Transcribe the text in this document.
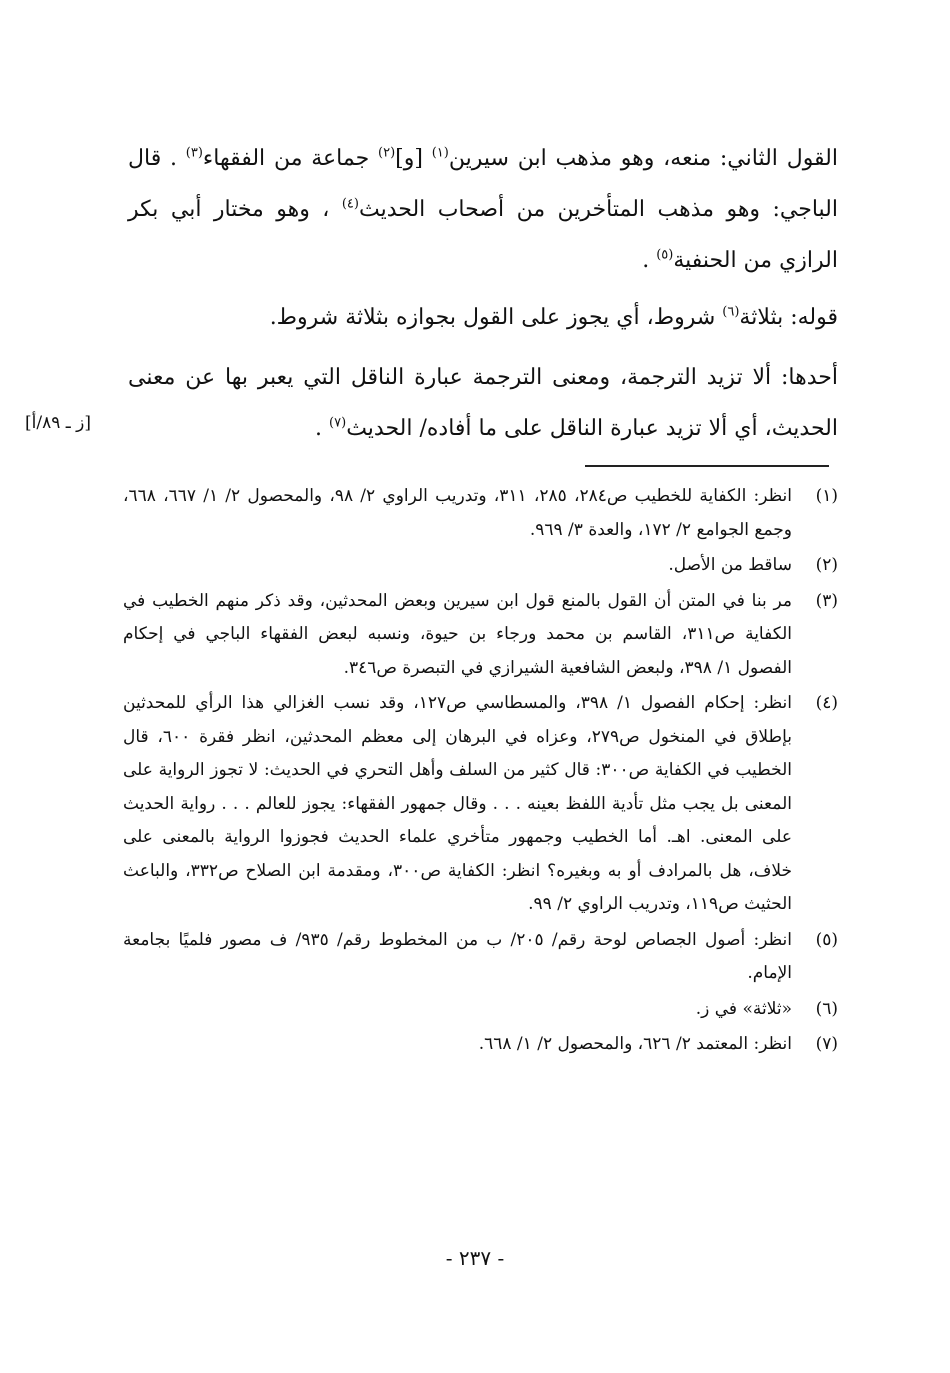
القول الثاني: منعه، وهو مذهب ابن سيرين$^{(١)}$ [و]$^{(٢)}$ جماعة من الفقهاء$^{(٣)}$ . قال الباجي: وهو مذهب المتأخرين من أصحاب الحديث$^{(٤)}$ ، وهو مختار أبي بكر الرازي من الحنفية$^{(٥)}$ .

قوله: بثلاثة$^{(٦)}$ شروط، أي يجوز على القول بجوازه بثلاثة شروط.

أحدها: ألا تزيد الترجمة، ومعنى الترجمة عبارة الناقل التي يعبر بها عن معنى الحديث، أي ألا تزيد عبارة الناقل على ما أفاده/ الحديث$^{(٧)}$ .

[ز ـ ٨٩/أ]
(١)
انظر: الكفاية للخطيب ص٢٨٤، ٢٨٥، ٣١١، وتدريب الراوي ٢/ ٩٨، والمحصول ٢/ ١/ ٦٦٧، ٦٦٨، وجمع الجوامع ٢/ ١٧٢، والعدة ٣/ ٩٦٩.
(٢)
ساقط من الأصل.
(٣)
مر بنا في المتن أن القول بالمنع قول ابن سيرين وبعض المحدثين، وقد ذكر منهم الخطيب في الكفاية ص٣١١، القاسم بن محمد ورجاء بن حيوة، ونسبه لبعض الفقهاء الباجي في إحكام الفصول ١/ ٣٩٨، ولبعض الشافعية الشيرازي في التبصرة ص٣٤٦.
(٤)
انظر: إحكام الفصول ١/ ٣٩٨، والمسطاسي ص١٢٧، وقد نسب الغزالي هذا الرأي للمحدثين بإطلاق في المنخول ص٢٧٩، وعزاه في البرهان إلى معظم المحدثين، انظر فقرة ٦٠٠، قال الخطيب في الكفاية ص٣٠٠: قال كثير من السلف وأهل التحري في الحديث: لا تجوز الرواية على المعنى بل يجب مثل تأدية اللفظ بعينه . . . وقال جمهور الفقهاء: يجوز للعالم . . . رواية الحديث على المعنى. اهـ. أما الخطيب وجمهور متأخري علماء الحديث فجوزوا الرواية بالمعنى على خلاف، هل بالمرادف أو به وبغيره؟ انظر: الكفاية ص٣٠٠، ومقدمة ابن الصلاح ص٣٣٢، والباعث الحثيث ص١١٩، وتدريب الراوي ٢/ ٩٩.
(٥)
انظر: أصول الجصاص لوحة رقم/ ٢٠٥/ ب من المخطوط رقم/ ٩٣٥/ ف مصور فلميًا بجامعة الإمام.
(٦)
«ثلاثة» في ز.
(٧)
انظر: المعتمد ٢/ ٦٢٦، والمحصول ٢/ ١/ ٦٦٨.
- ٢٣٧ -
